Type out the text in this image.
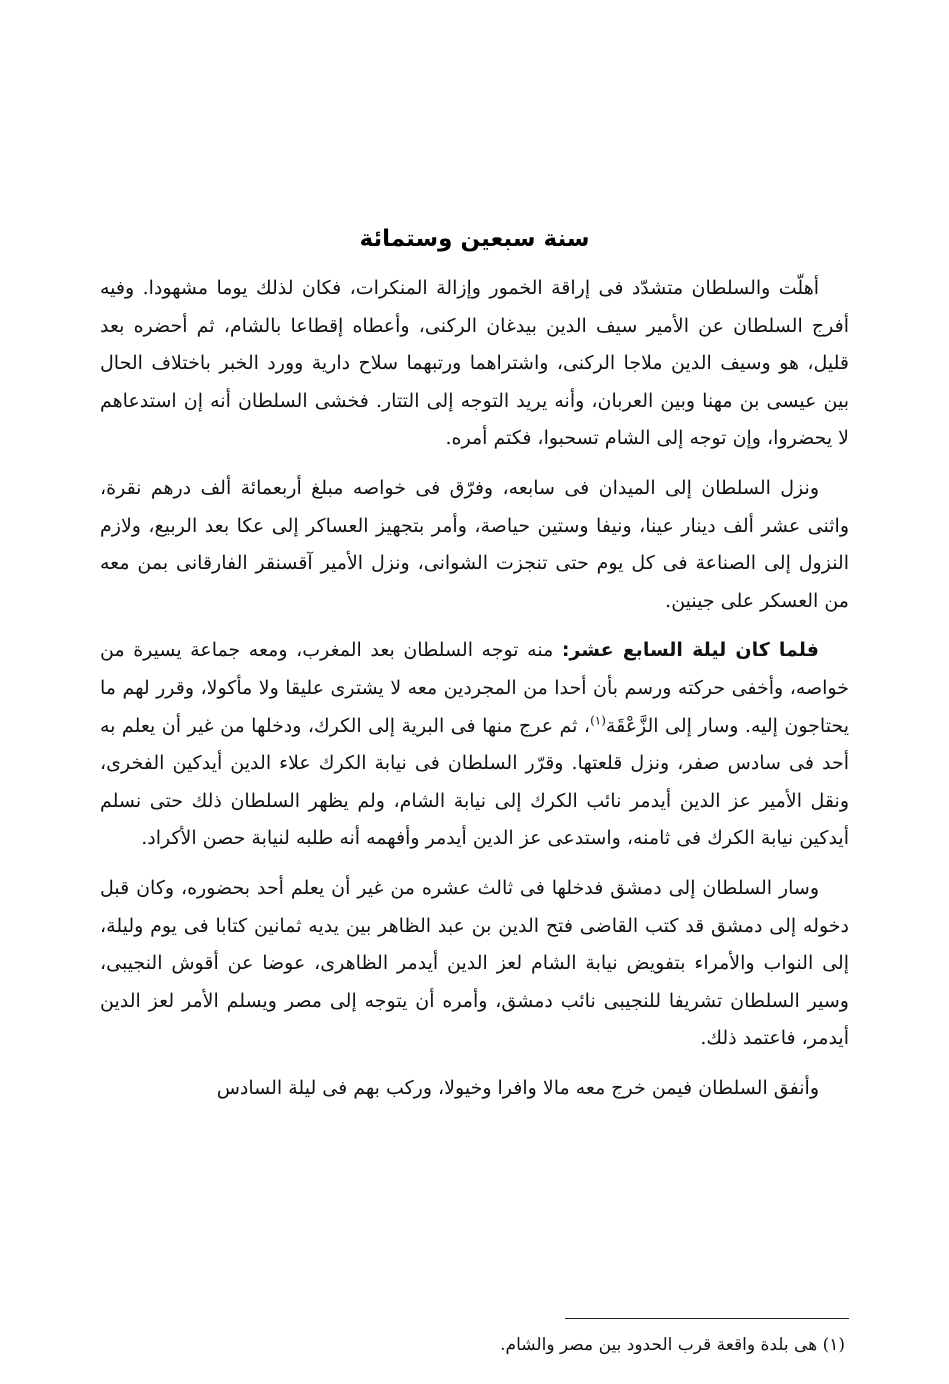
سنة سبعين وستمائة

أهلّت والسلطان متشدّد فى إراقة الخمور وإزالة المنكرات، فكان لذلك يوما مشهودا. وفيه أفرج السلطان عن الأمير سيف الدين بيدغان الركنى، وأعطاه إقطاعا بالشام، ثم أحضره بعد قليل، هو وسيف الدين ملاجا الركنى، واشتراهما ورتبهما سلاح دارية وورد الخبر باختلاف الحال بين عيسى بن مهنا وبين العربان، وأنه يريد التوجه إلى التتار. فخشى السلطان أنه إن استدعاهم لا يحضروا، وإن توجه إلى الشام تسحبوا، فكتم أمره.

ونزل السلطان إلى الميدان فى سابعه، وفرّق فى خواصه مبلغ أربعمائة ألف درهم نقرة، واثنى عشر ألف دينار عينا، ونيفا وستين حياصة، وأمر بتجهيز العساكر إلى عكا بعد الربيع، ولازم النزول إلى الصناعة فى كل يوم حتى تنجزت الشوانى، ونزل الأمير آقسنقر الفارقانى بمن معه من العسكر على جينين.

فلما كان ليلة السابع عشر: منه توجه السلطان بعد المغرب، ومعه جماعة يسيرة من خواصه، وأخفى حركته ورسم بأن أحدا من المجردين معه لا يشترى عليقا ولا مأكولا، وقرر لهم ما يحتاجون إليه. وسار إلى الزَّعْقَة$^{(١)}$، ثم عرج منها فى البرية إلى الكرك، ودخلها من غير أن يعلم به أحد فى سادس صفر، ونزل قلعتها. وقرّر السلطان فى نيابة الكرك علاء الدين أيدكين الفخرى، ونقل الأمير عز الدين أيدمر نائب الكرك إلى نيابة الشام، ولم يظهر السلطان ذلك حتى نسلم أيدكين نيابة الكرك فى ثامنه، واستدعى عز الدين أيدمر وأفهمه أنه طلبه لنيابة حصن الأكراد.

وسار السلطان إلى دمشق فدخلها فى ثالث عشره من غير أن يعلم أحد بحضوره، وكان قبل دخوله إلى دمشق قد كتب القاضى فتح الدين بن عبد الظاهر بين يديه ثمانين كتابا فى يوم وليلة، إلى النواب والأمراء بتفويض نيابة الشام لعز الدين أيدمر الظاهرى، عوضا عن أقوش النجيبى، وسير السلطان تشريفا للنجيبى نائب دمشق، وأمره أن يتوجه إلى مصر ويسلم الأمر لعز الدين أيدمر، فاعتمد ذلك.

وأنفق السلطان فيمن خرج معه مالا وافرا وخيولا، وركب بهم فى ليلة السادس

(١) هى بلدة واقعة قرب الحدود بين مصر والشام.
